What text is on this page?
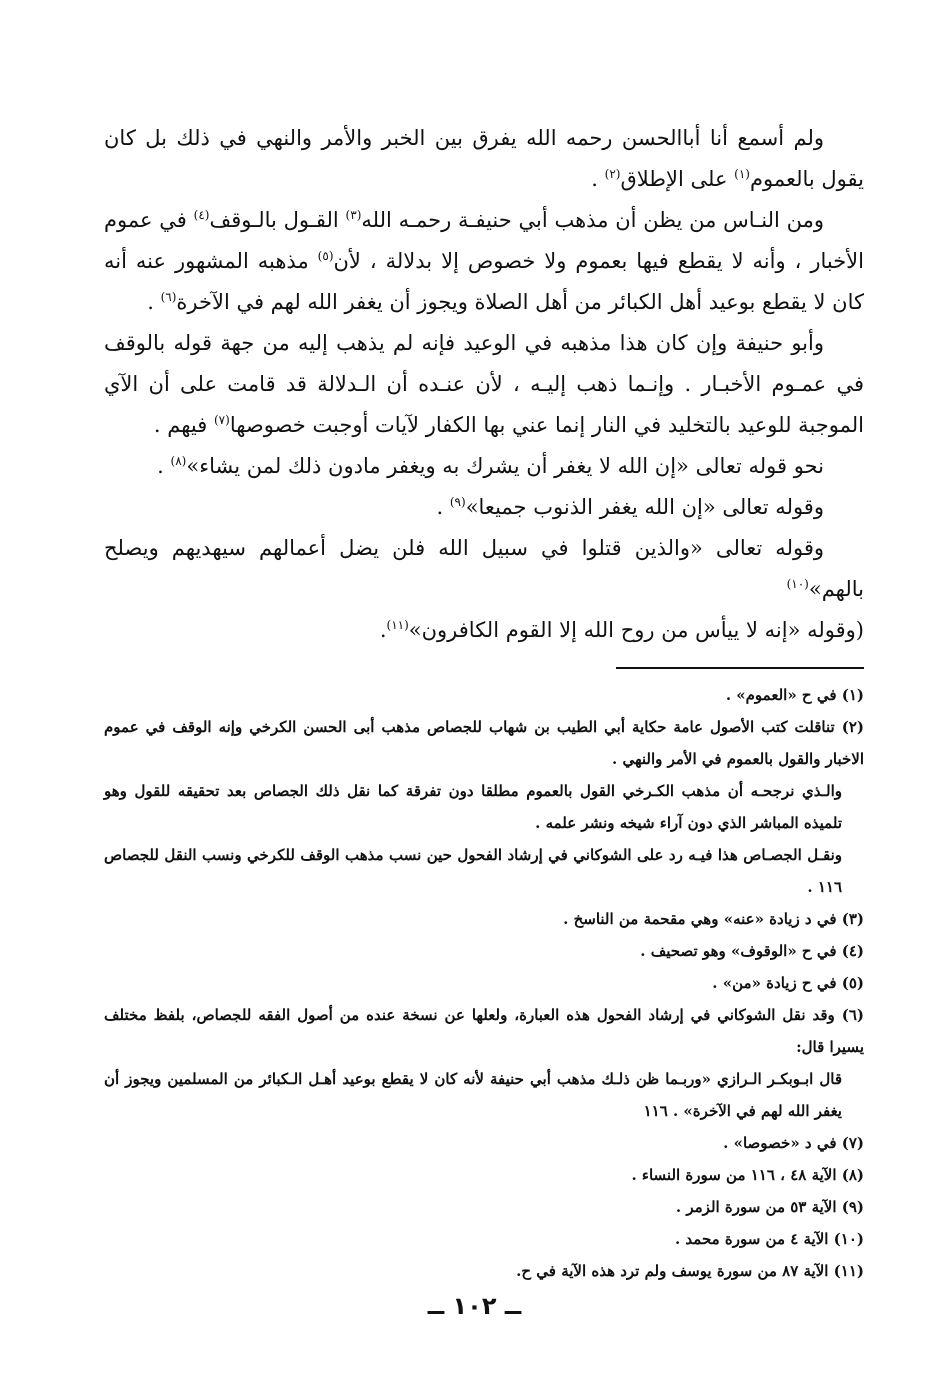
ولم أسمع أنا أباالحسن رحمه الله يفرق بين الخبر والأمر والنهي في ذلك بل كان يقول بالعموم$^{(١)}$ على الإطلاق$^{(٢)}$ .

ومن النـاس من يظن أن مذهب أبي حنيفـة رحمـه الله$^{(٣)}$ القـول بالـوقف$^{(٤)}$ في عموم الأخبار ، وأنه لا يقطع فيها بعموم ولا خصوص إلا بدلالة ، لأن$^{(٥)}$ مذهبه المشهور عنه أنه كان لا يقطع بوعيد أهل الكبائر من أهل الصلاة ويجوز أن يغفر الله لهم في الآخرة$^{(٦)}$ .

وأبو حنيفة وإن كان هذا مذهبه في الوعيد فإنه لم يذهب إليه من جهة قوله بالوقف في عمـوم الأخبـار . وإنـما ذهب إليـه ، لأن عنـده أن الـدلالة قد قامت على أن الآي الموجبة للوعيد بالتخليد في النار إنما عني بها الكفار لآيات أوجبت خصوصها$^{(٧)}$ فيهم .

نحو قوله تعالى «إن الله لا يغفر أن يشرك به ويغفر مادون ذلك لمن يشاء»$^{(٨)}$ .

وقوله تعالى «إن الله يغفر الذنوب جميعا»$^{(٩)}$ .

وقوله تعالى «والذين قتلوا في سبيل الله فلن يضل أعمالهم سيهديهم ويصلح بالهم»$^{(١٠)}$

(وقوله «إنه لا ييأس من روح الله إلا القوم الكافرون»$^{(١١)}$.

(١) في ح «العموم» .

(٢) تناقلت كتب الأصول عامة حكاية أبي الطيب بن شهاب للجصاص مذهب أبى الحسن الكرخي وإنه الوقف في عموم الاخبار والقول بالعموم في الأمر والنهي .

والـذي نرجحـه أن مذهب الكـرخي القول بالعموم مطلقا دون تفرقة كما نقل ذلك الجصاص بعد تحقيقه للقول وهو تلميذه المباشر الذي دون آراء شيخه ونشر علمه .

ونقـل الجصـاص هذا فيـه رد على الشوكاني في إرشاد الفحول حين نسب مذهب الوقف للكرخي ونسب النقل للجصاص ١١٦ .

(٣) في د زيادة «عنه» وهي مقحمة من الناسخ .

(٤) في ح «الوقوف» وهو تصحيف .

(٥) في ح زيادة «من» .

(٦) وقد نقل الشوكاني في إرشاد الفحول هذه العبارة، ولعلها عن نسخة عنده من أصول الفقه للجصاص، بلفظ مختلف يسيرا قال:

قال ابـوبكـر الـرازي «وربـما ظن ذلـك مذهب أبي حنيفة لأنه كان لا يقطع بوعيد أهـل الـكبائر من المسلمين ويجوز أن يغفر الله لهم في الآخرة» . ١١٦

(٧) في د «خصوصا» .

(٨) الآية ٤٨ ، ١١٦ من سورة النساء .

(٩) الآية ٥٣ من سورة الزمر .

(١٠) الآية ٤ من سورة محمد .

(١١) الآية ٨٧ من سورة يوسف ولم ترد هذه الآية في ح.

ــ ١٠٢ ــ
